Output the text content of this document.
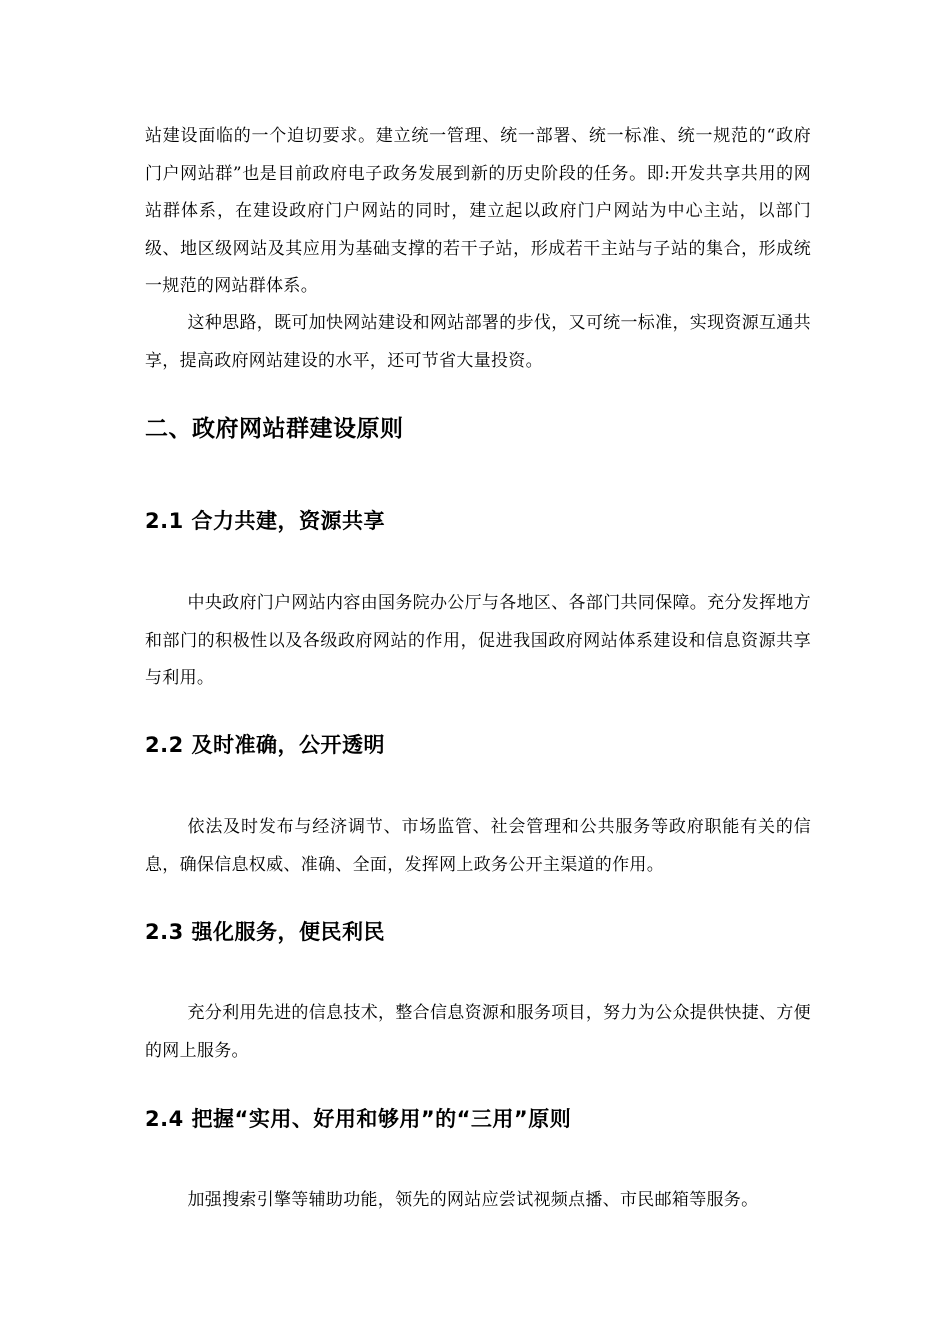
站建设面临的一个迫切要求。建立统一管理、统一部署、统一标准、统一规范的“政府门户网站群”也是目前政府电子政务发展到新的历史阶段的任务。即:开发共享共用的网站群体系，在建设政府门户网站的同时，建立起以政府门户网站为中心主站，以部门级、地区级网站及其应用为基础支撑的若干子站，形成若干主站与子站的集合，形成统一规范的网站群体系。

这种思路，既可加快网站建设和网站部署的步伐，又可统一标准，实现资源互通共享，提高政府网站建设的水平，还可节省大量投资。

二、政府网站群建设原则
2.1 合力共建，资源共享

中央政府门户网站内容由国务院办公厅与各地区、各部门共同保障。充分发挥地方和部门的积极性以及各级政府网站的作用，促进我国政府网站体系建设和信息资源共享与利用。

2.2 及时准确，公开透明

依法及时发布与经济调节、市场监管、社会管理和公共服务等政府职能有关的信息，确保信息权威、准确、全面，发挥网上政务公开主渠道的作用。

2.3 强化服务，便民利民

充分利用先进的信息技术，整合信息资源和服务项目，努力为公众提供快捷、方便的网上服务。

2.4 把握“实用、好用和够用”的“三用”原则

加强搜索引擎等辅助功能，领先的网站应尝试视频点播、市民邮箱等服务。
